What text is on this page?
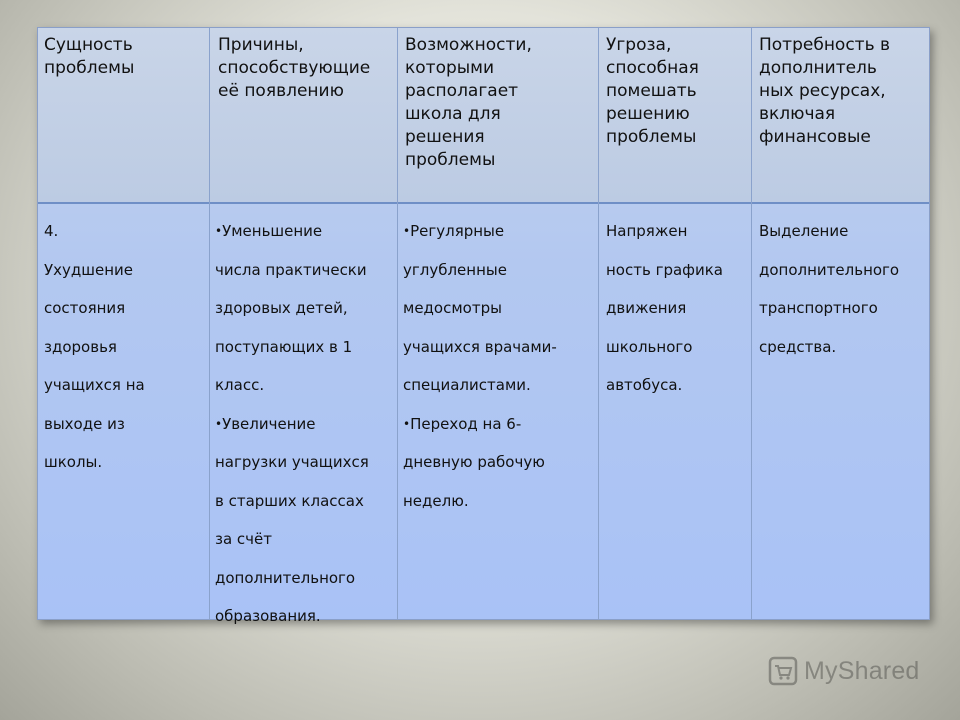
Сущность
проблемы
Причины,
способствующие
её появлению
Возможности,
которыми
располагает
школа для
решения
проблемы
Угроза,
способная
помешать
решению
проблемы
Потребность в
дополнитель
ных ресурсах,
включая
финансовые
4.
Ухудшение
состояния
здоровья
учащихся на
выходе из
школы.
•Уменьшение
числа практически
здоровых детей,
поступающих в 1
класс.
•Увеличение
нагрузки учащихся
в старших классах
за счёт
дополнительного
образования.
•Регулярные
углубленные
медосмотры
учащихся врачами-
специалистами.
•Переход на 6-
дневную рабочую
неделю.
Напряжен
ность графика
движения
школьного
автобуса.
Выделение
дополнительного
транспортного
средства.
MyShared
